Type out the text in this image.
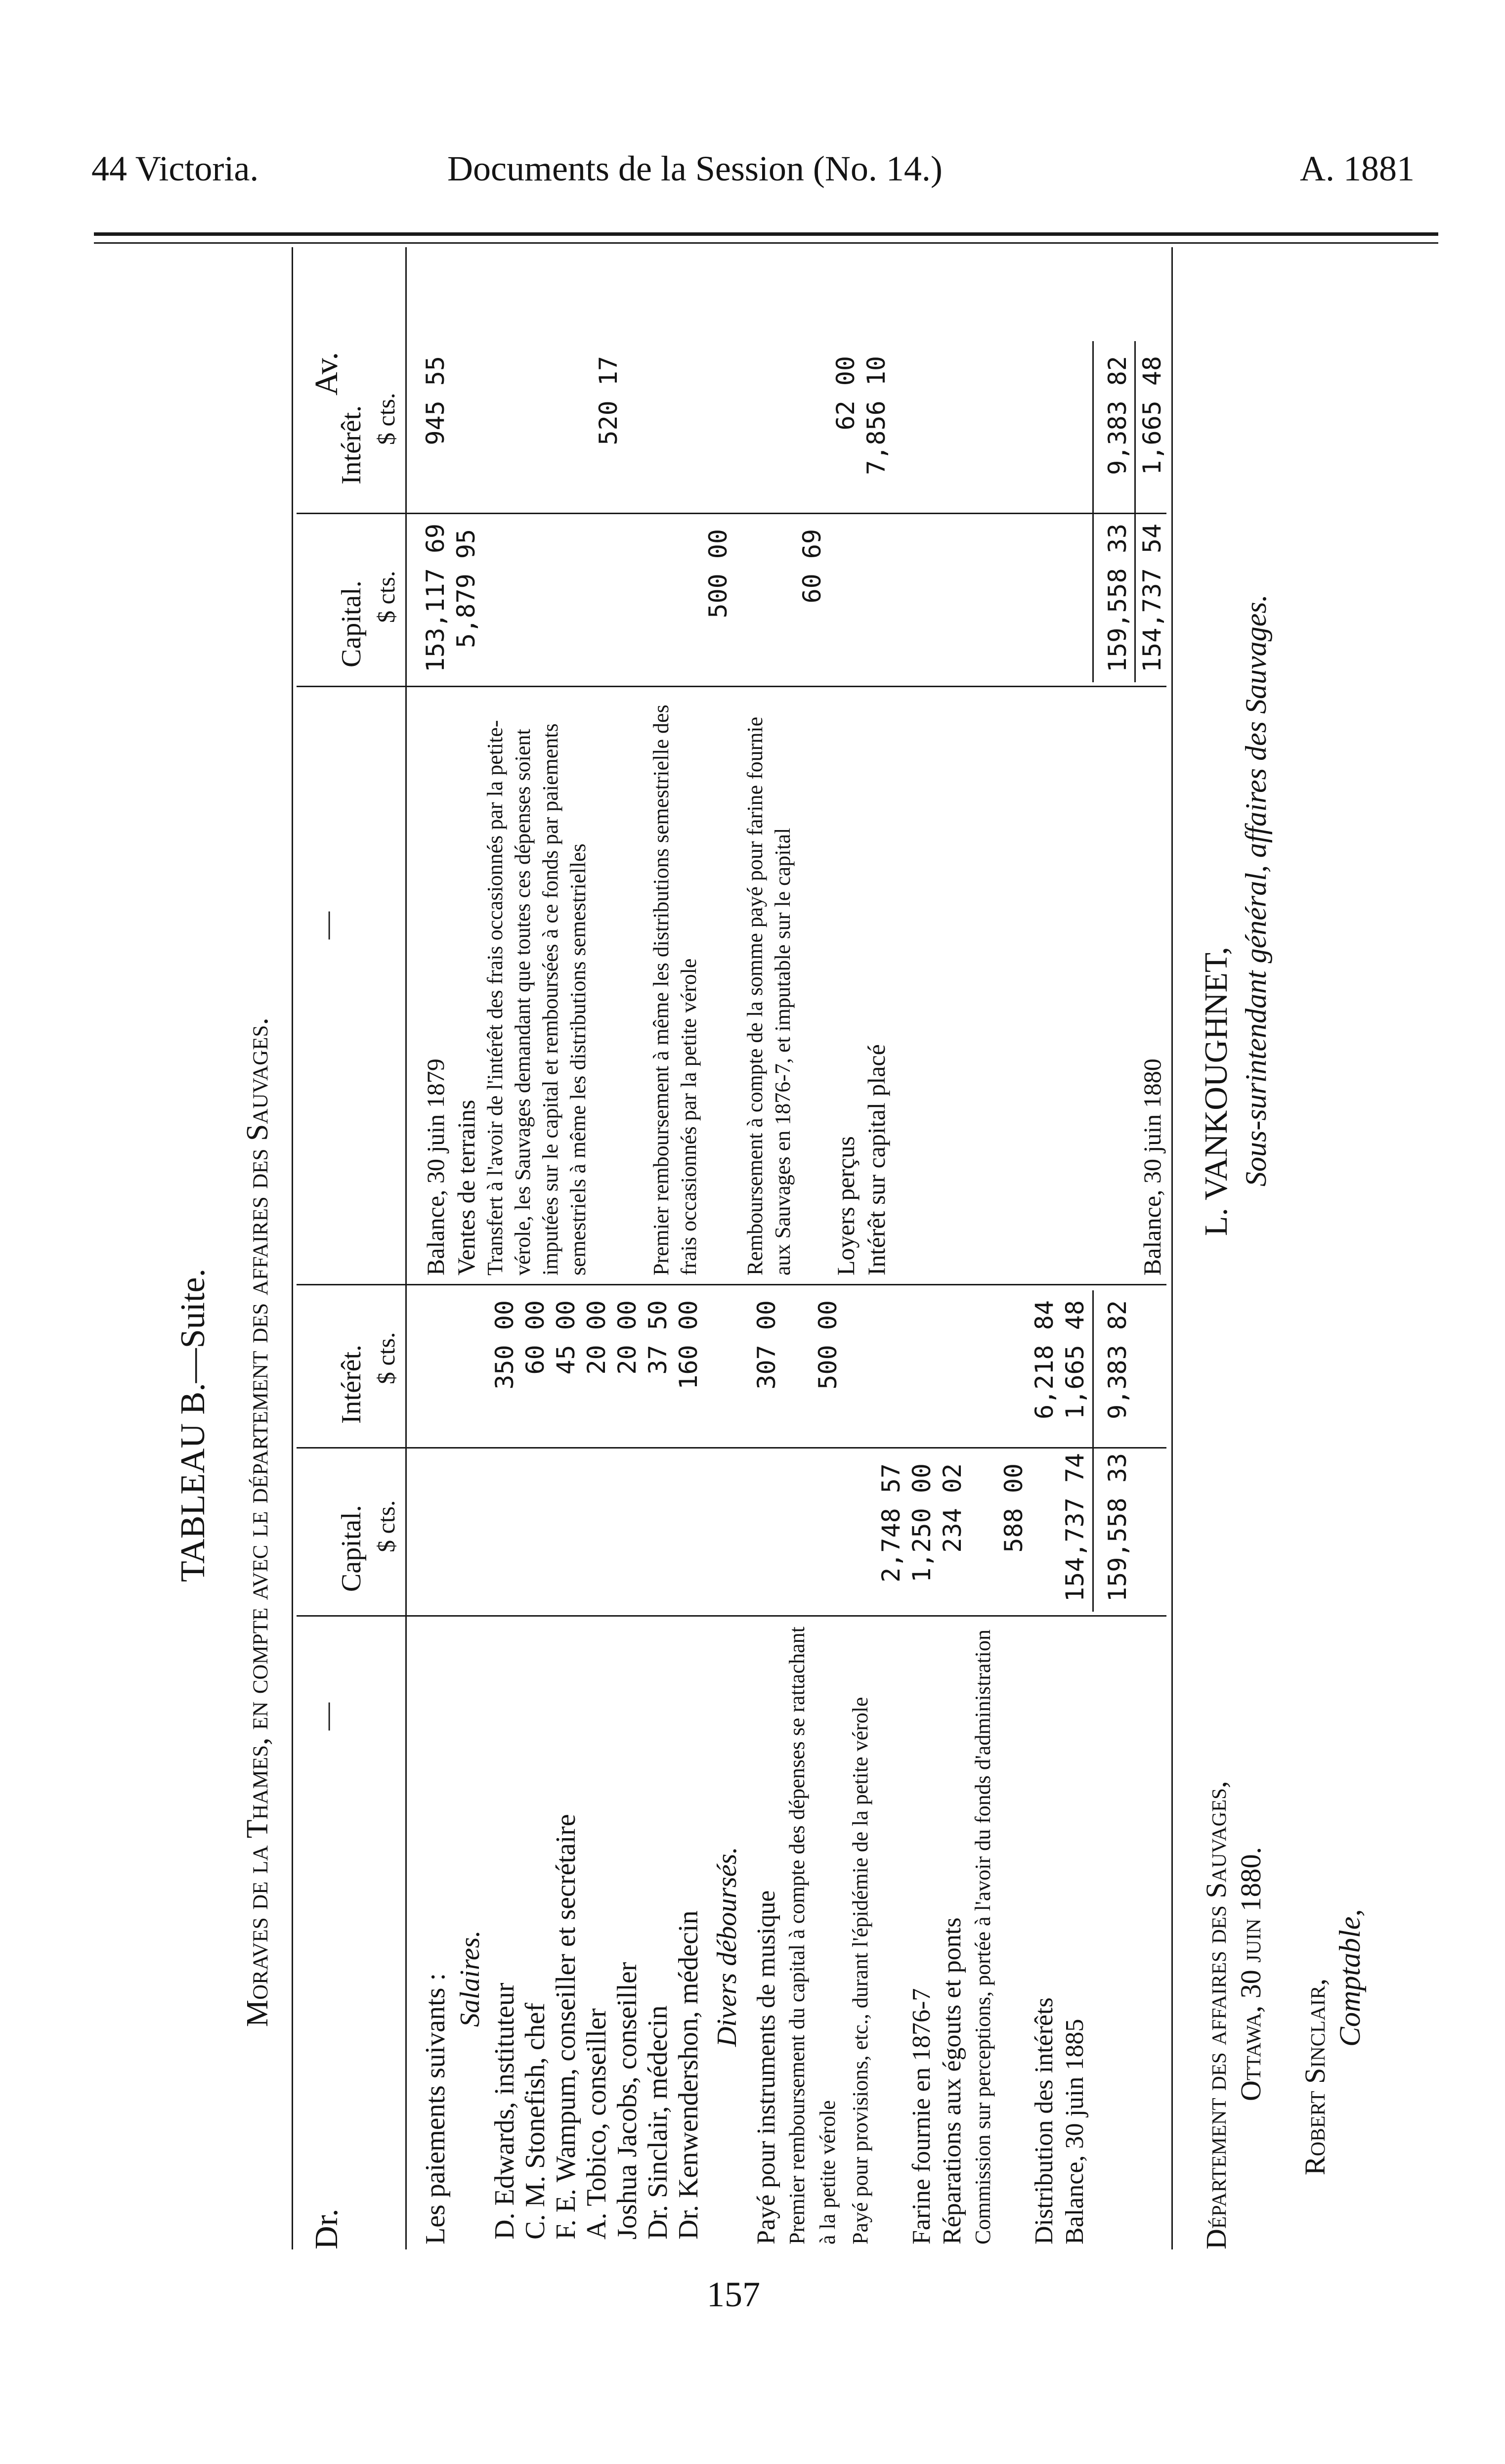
44 Victoria.	Documents de la Session (No. 14.)	A. 1881
157
TABLEAU B.—Suite. Moraves de la Thames, en compte avec le département des affaires des Sauvages.
Dr.
Av.
—
Capital.
Intérêt.
$ cts.
$ cts.
—
Capital.
Intérêt.
$ cts.
$ cts.
Les paiements suivants : Salaires.
D. Edwards, instituteur
350 00
C. M. Stonefish, chef
60 00
F. E. Wampum, conseiller et secrétaire
45 00
A. Tobico, conseiller
20 00
Joshua Jacobs, conseiller
20 00
Dr. Sinclair, médecin
37 50
Dr. Kenwendershon, médecin
160 00
Divers déboursés. Payé pour instruments de musique
307 00
Premier remboursement du capital à compte des dépenses se rattachant à la petite vérole
500 00
Payé pour provisions, etc., durant l'épidémie de la petite vérole
2,748 57
Farine fournie en 1876-7
1,250 00
Réparations aux égouts et ponts
234 02
Commission sur perceptions, portée à l'avoir du fonds d'administration
588 00
Distribution des intérêts
6,218 84
Balance, 30 juin 1885
154,737 74
1,665 48
159,558 33
9,383 82
Balance, 30 juin 1879
153,117 69
945 55
Ventes de terrains
5,879 95
Transfert à l'avoir de l'intérêt des frais occasionnés par la petite-vérole, les Sauvages demandant que toutes ces dépenses soient imputées sur le capital et remboursées à ce fonds par paiements semestriels à même les distributions semestrielles
520 17
Premier remboursement à même les distributions semestrielle des frais occasionnés par la petite vérole
500 00
Remboursement à compte de la somme payé pour farine fournie aux Sauvages en 1876-7, et imputable sur le capital
60 69
Loyers perçus
62 00
Intérêt sur capital placé
7,856 10
159,558 33
9,383 82
Balance, 30 juin 1880
154,737 54
1,665 48
Département des affaires des Sauvages, Ottawa, 30 juin 1880. Robert Sinclair,
Comptable,
L. VANKOUGHNET, Sous-surintendant général, affaires des Sauvages.
